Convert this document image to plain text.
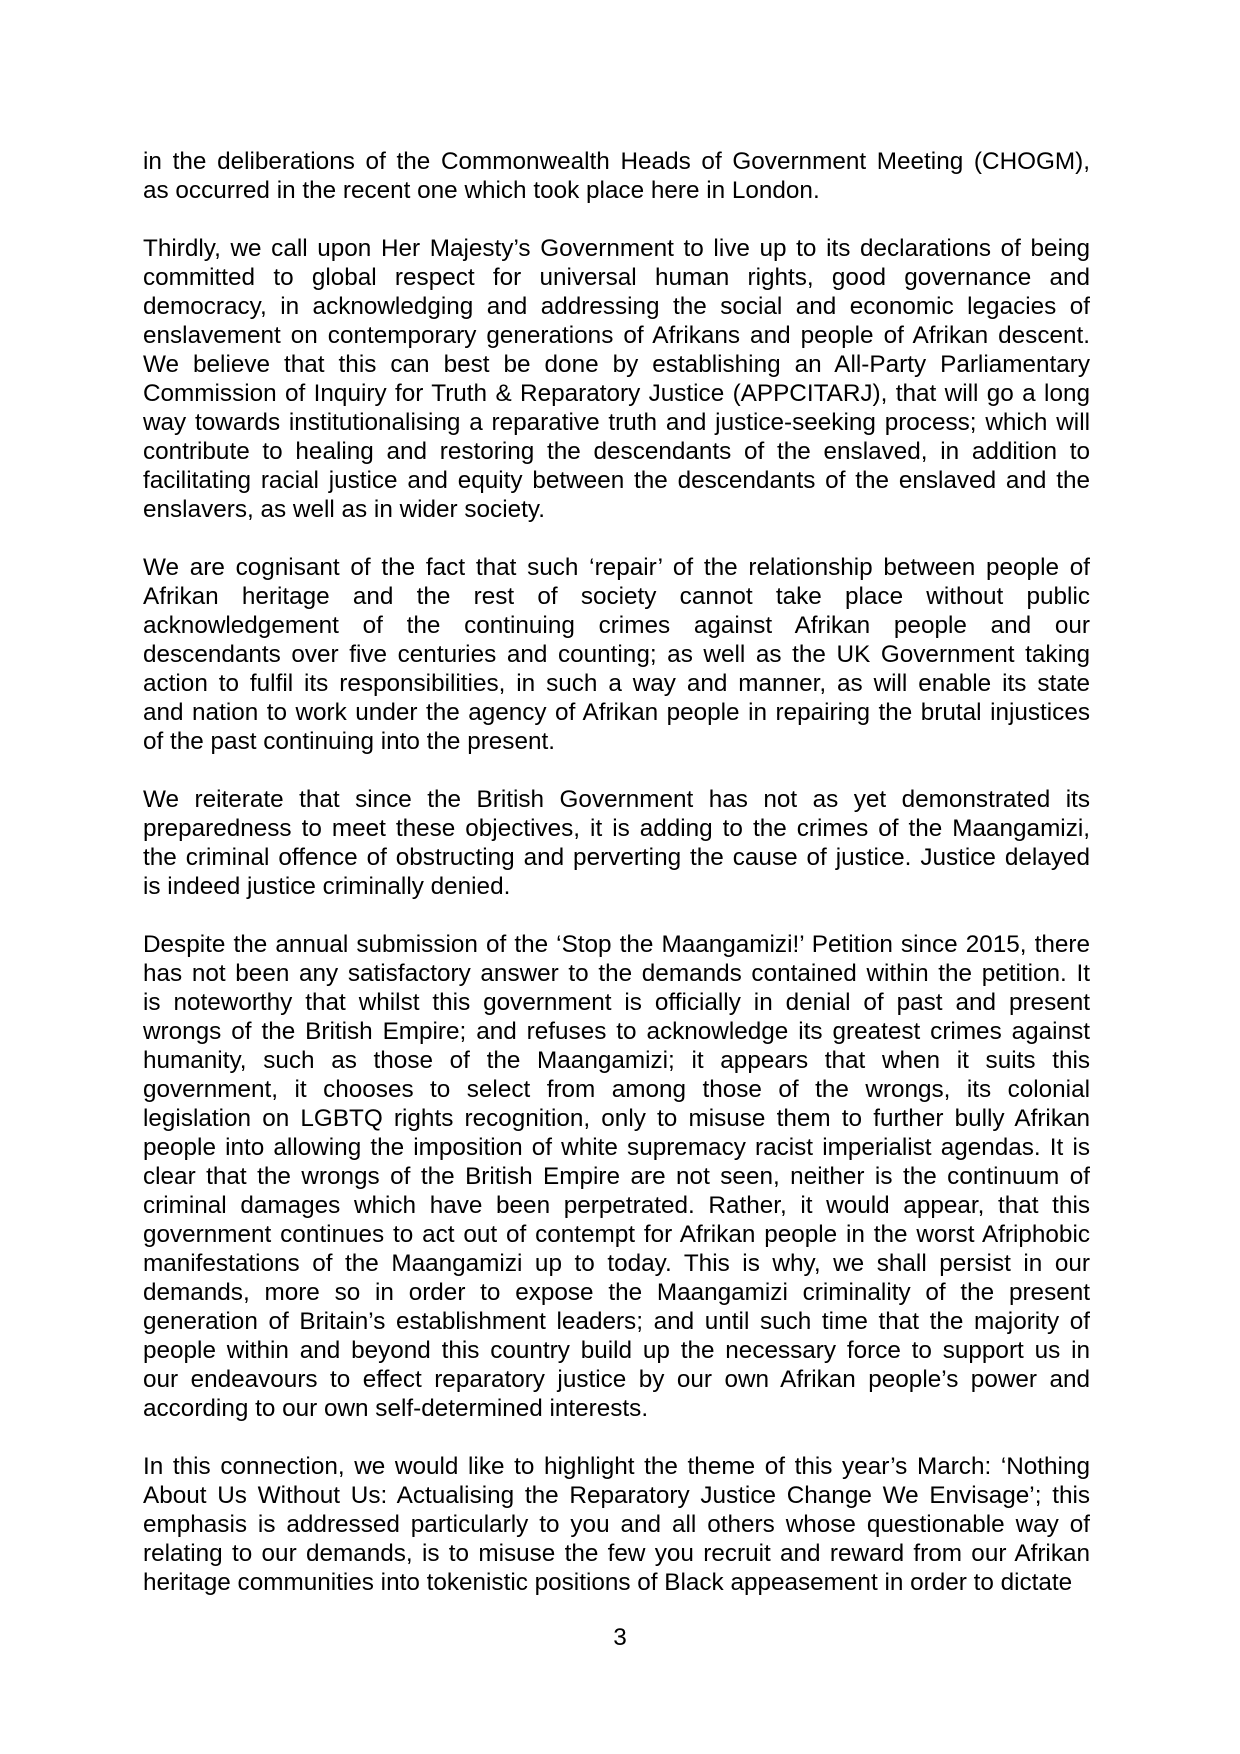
in the deliberations of the Commonwealth Heads of Government Meeting (CHOGM),
as occurred in the recent one which took place here in London.
Thirdly, we call upon Her Majesty’s Government to live up to its declarations of being
committed to global respect for universal human rights, good governance and
democracy, in acknowledging and addressing the social and economic legacies of
enslavement on contemporary generations of Afrikans and people of Afrikan descent.
We believe that this can best be done by establishing an All-Party Parliamentary
Commission of Inquiry for Truth & Reparatory Justice (APPCITARJ), that will go a long
way towards institutionalising a reparative truth and justice-seeking process; which will
contribute to healing and restoring the descendants of the enslaved, in addition to
facilitating racial justice and equity between the descendants of the enslaved and the
enslavers, as well as in wider society.
We are cognisant of the fact that such ‘repair’ of the relationship between people of
Afrikan heritage and the rest of society cannot take place without public
acknowledgement of the continuing crimes against Afrikan people and our
descendants over five centuries and counting; as well as the UK Government taking
action to fulfil its responsibilities, in such a way and manner, as will enable its state
and nation to work under the agency of Afrikan people in repairing the brutal injustices
of the past continuing into the present.
We reiterate that since the British Government has not as yet demonstrated its
preparedness to meet these objectives, it is adding to the crimes of the Maangamizi,
the criminal offence of obstructing and perverting the cause of justice. Justice delayed
is indeed justice criminally denied.
Despite the annual submission of the ‘Stop the Maangamizi!’ Petition since 2015, there
has not been any satisfactory answer to the demands contained within the petition. It
is noteworthy that whilst this government is officially in denial of past and present
wrongs of the British Empire; and refuses to acknowledge its greatest crimes against
humanity, such as those of the Maangamizi; it appears that when it suits this
government, it chooses to select from among those of the wrongs, its colonial
legislation on LGBTQ rights recognition, only to misuse them to further bully Afrikan
people into allowing the imposition of white supremacy racist imperialist agendas. It is
clear that the wrongs of the British Empire are not seen, neither is the continuum of
criminal damages which have been perpetrated. Rather, it would appear, that this
government continues to act out of contempt for Afrikan people in the worst Afriphobic
manifestations of the Maangamizi up to today. This is why, we shall persist in our
demands, more so in order to expose the Maangamizi criminality of the present
generation of Britain’s establishment leaders; and until such time that the majority of
people within and beyond this country build up the necessary force to support us in
our endeavours to effect reparatory justice by our own Afrikan people’s power and
according to our own self-determined interests.
In this connection, we would like to highlight the theme of this year’s March: ‘Nothing
About Us Without Us: Actualising the Reparatory Justice Change We Envisage’; this
emphasis is addressed particularly to you and all others whose questionable way of
relating to our demands, is to misuse the few you recruit and reward from our Afrikan
heritage communities into tokenistic positions of Black appeasement in order to dictate
3
